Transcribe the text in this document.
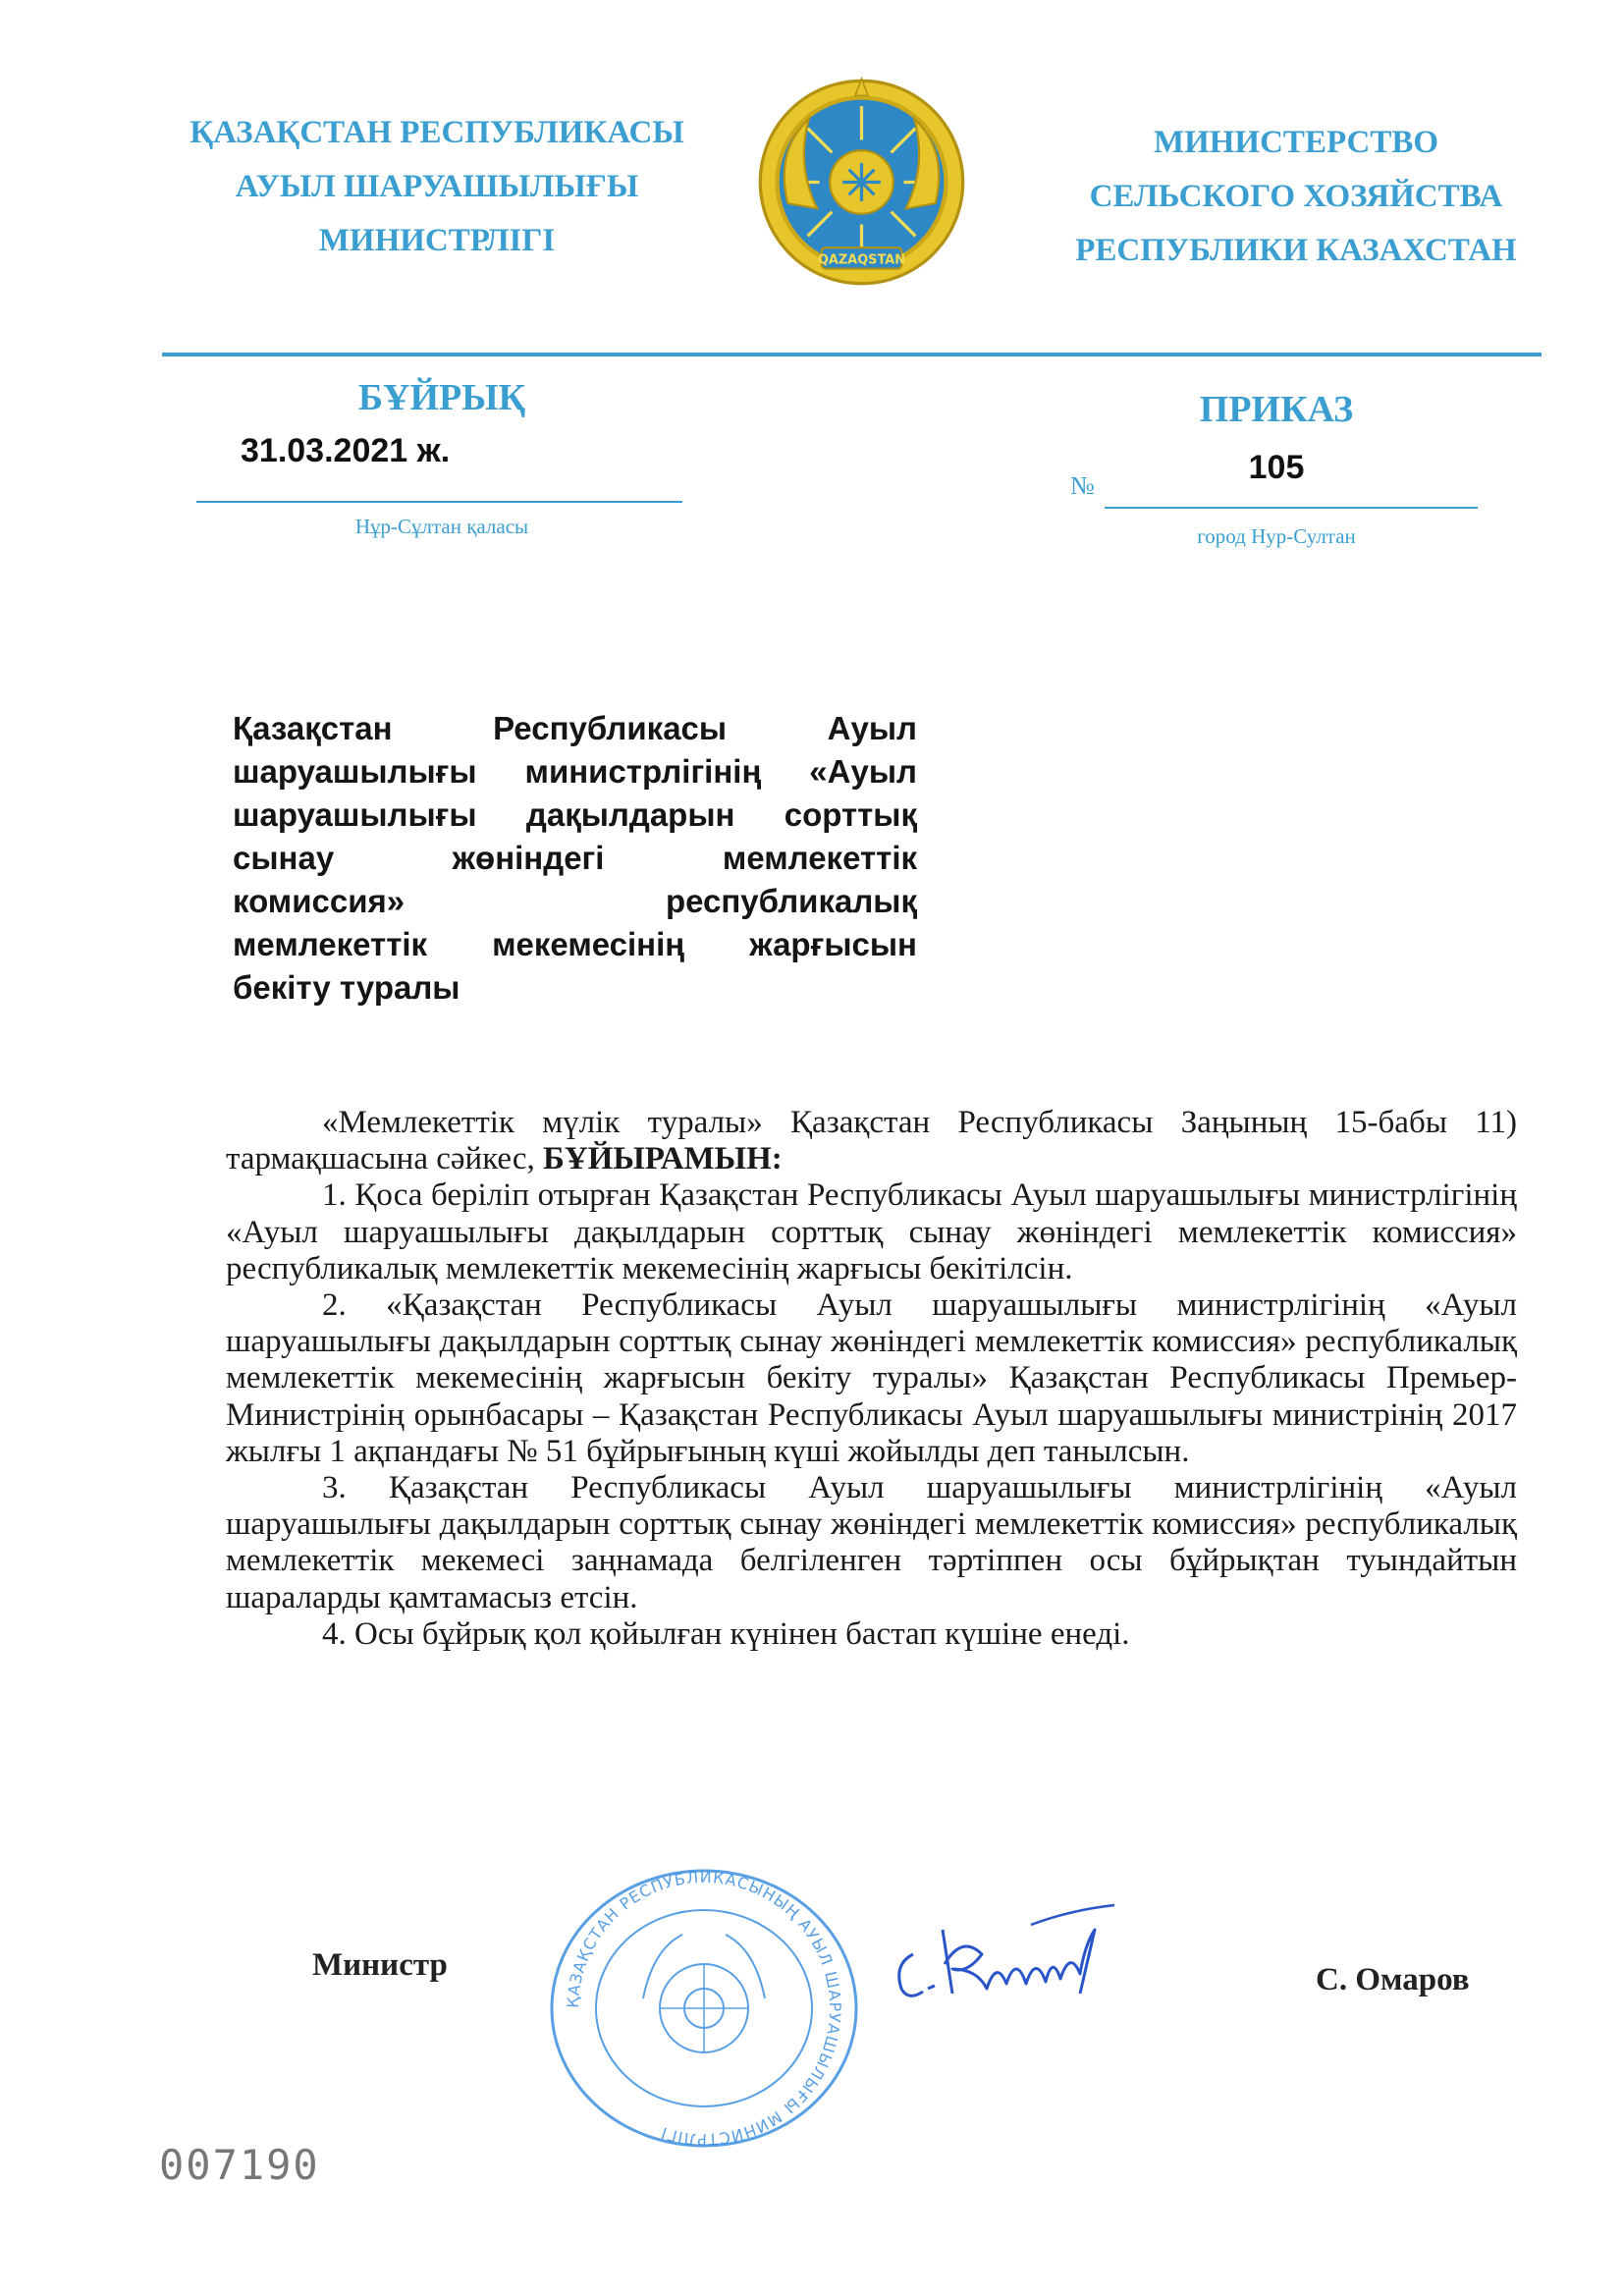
ҚАЗАҚСТАН РЕСПУБЛИКАСЫ
АУЫЛ ШАРУАШЫЛЫҒЫ
МИНИСТРЛІГІ
QAZAQSTAN
МИНИСТЕРСТВО
СЕЛЬСКОГО ХОЗЯЙСТВА
РЕСПУБЛИКИ КАЗАХСТАН
БҰЙРЫҚ	ПРИКАЗ
31.03.2021 ж.
№	105
Нұр-Сұлтан қаласы	город Нур-Султан
Қазақстан Республикасы Ауыл
шаруашылығы министрлігінің «Ауыл
шаруашылығы дақылдарын сорттық
сынау жөніндегі мемлекеттік
комиссия» республикалық
мемлекеттік мекемесінің жарғысын
бекіту туралы

«Мемлекеттік мүлік туралы» Қазақстан Республикасы Заңының 15-бабы 11) тармақшасына сәйкес, БҰЙЫРАМЫН:

1. Қоса беріліп отырған Қазақстан Республикасы Ауыл шаруашылығы министрлігінің «Ауыл шаруашылығы дақылдарын сорттық сынау жөніндегі мемлекеттік комиссия» республикалық мемлекеттік мекемесінің жарғысы бекітілсін.

2. «Қазақстан Республикасы Ауыл шаруашылығы министрлігінің «Ауыл шаруашылығы дақылдарын сорттық сынау жөніндегі мемлекеттік комиссия» республикалық мемлекеттік мекемесінің жарғысын бекіту туралы» Қазақстан Республикасы Премьер-Министрінің орынбасары – Қазақстан Республикасы Ауыл шаруашылығы министрінің 2017 жылғы 1 ақпандағы № 51 бұйрығының күші жойылды деп танылсын.

3. Қазақстан Республикасы Ауыл шаруашылығы министрлігінің «Ауыл шаруашылығы дақылдарын сорттық сынау жөніндегі мемлекеттік комиссия» республикалық мемлекеттік мекемесі заңнамада белгіленген тәртіппен осы бұйрықтан туындайтын шараларды қамтамасыз етсін.

4. Осы бұйрық қол қойылған күнінен бастап күшіне енеді.

Министр
ҚАЗАҚСТАН РЕСПУБЛИКАСЫНЫҢ АУЫЛ ШАРУАШЫЛЫҒЫ МИНИСТРЛІГІ
С. Омаров
007190
